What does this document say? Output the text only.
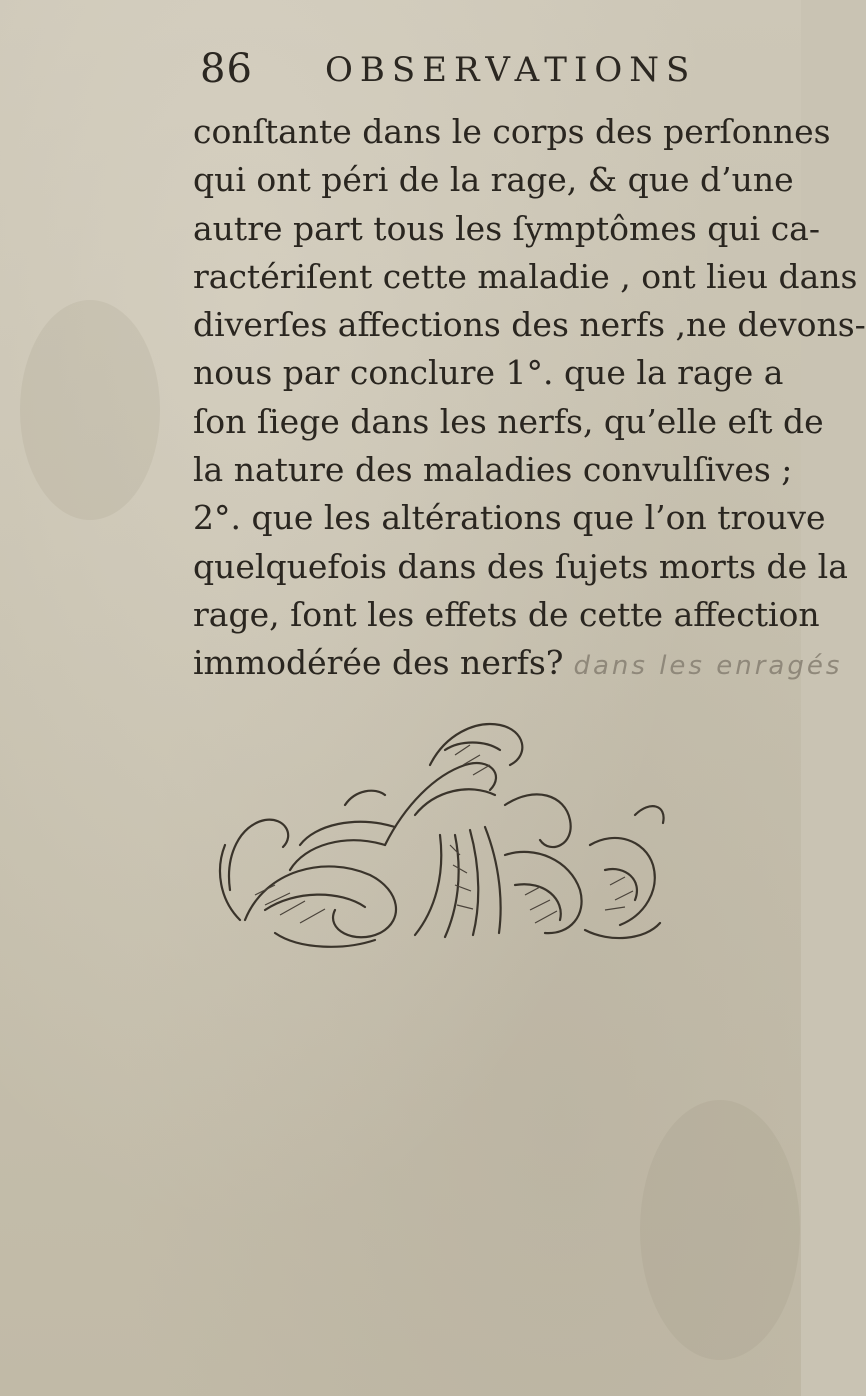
86 OBSERVATIONS
conſtante dans le corps des perſonnes
qui ont péri de la rage, & que d’une
autre part tous les ſymptômes qui ca-
ractériſent cette maladie , ont lieu dans
diverſes affections des nerfs ,ne devons-
nous par conclure 1°. que la rage a
ſon ſiege dans les nerfs, qu’elle eſt de
la nature des maladies convulſives ;
2°. que les altérations que l’on trouve
quelquefois dans des ſujets morts de la
rage, ſont les effets de cette affection
immodérée des nerfs? dans les enragés
